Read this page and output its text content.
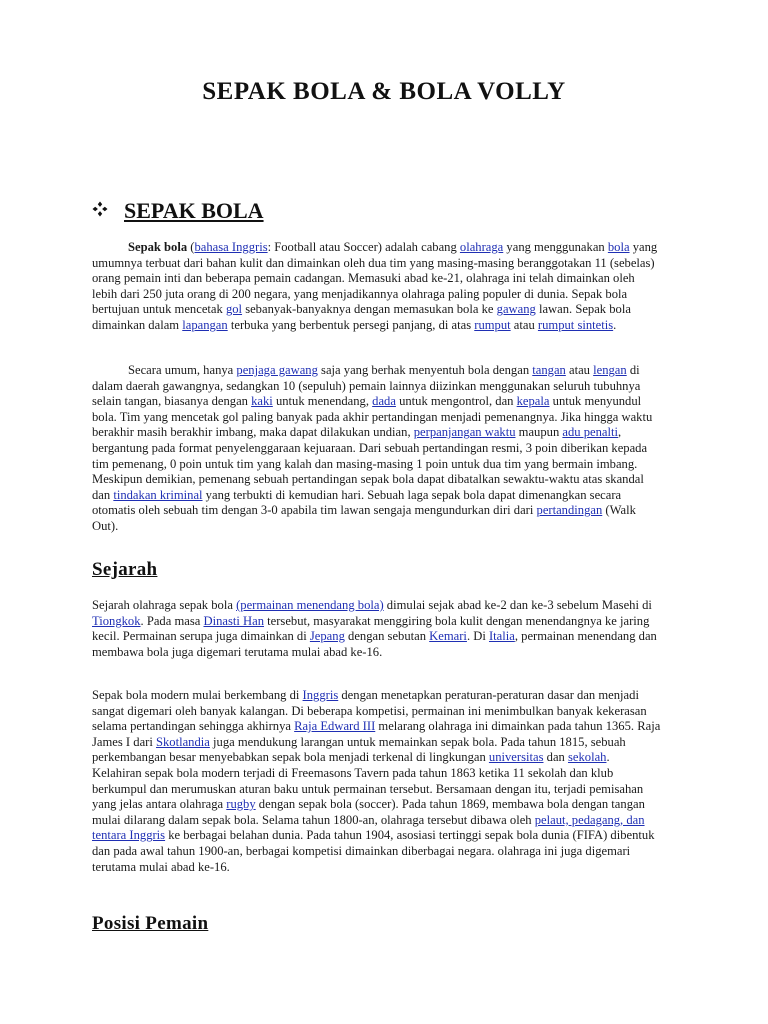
SEPAK BOLA & BOLA VOLLY
SEPAK BOLA
Sepak bola (bahasa Inggris: Football atau Soccer) adalah cabang olahraga yang menggunakan bola yang umumnya terbuat dari bahan kulit dan dimainkan oleh dua tim yang masing-masing beranggotakan 11 (sebelas) orang pemain inti dan beberapa pemain cadangan. Memasuki abad ke-21, olahraga ini telah dimainkan oleh lebih dari 250 juta orang di 200 negara, yang menjadikannya olahraga paling populer di dunia. Sepak bola bertujuan untuk mencetak gol sebanyak-banyaknya dengan memasukan bola ke gawang lawan. Sepak bola dimainkan dalam lapangan terbuka yang berbentuk persegi panjang, di atas rumput atau rumput sintetis.
Secara umum, hanya penjaga gawang saja yang berhak menyentuh bola dengan tangan atau lengan di dalam daerah gawangnya, sedangkan 10 (sepuluh) pemain lainnya diizinkan menggunakan seluruh tubuhnya selain tangan, biasanya dengan kaki untuk menendang, dada untuk mengontrol, dan kepala untuk menyundul bola. Tim yang mencetak gol paling banyak pada akhir pertandingan menjadi pemenangnya. Jika hingga waktu berakhir masih berakhir imbang, maka dapat dilakukan undian, perpanjangan waktu maupun adu penalti, bergantung pada format penyelenggaraan kejuaraan. Dari sebuah pertandingan resmi, 3 poin diberikan kepada tim pemenang, 0 poin untuk tim yang kalah dan masing-masing 1 poin untuk dua tim yang bermain imbang. Meskipun demikian, pemenang sebuah pertandingan sepak bola dapat dibatalkan sewaktu-waktu atas skandal dan tindakan kriminal yang terbukti di kemudian hari. Sebuah laga sepak bola dapat dimenangkan secara otomatis oleh sebuah tim dengan 3-0 apabila tim lawan sengaja mengundurkan diri dari pertandingan (Walk Out).
Sejarah
Sejarah olahraga sepak bola (permainan menendang bola) dimulai sejak abad ke-2 dan ke-3 sebelum Masehi di Tiongkok. Pada masa Dinasti Han tersebut, masyarakat menggiring bola kulit dengan menendangnya ke jaring kecil. Permainan serupa juga dimainkan di Jepang dengan sebutan Kemari. Di Italia, permainan menendang dan membawa bola juga digemari terutama mulai abad ke-16.
Sepak bola modern mulai berkembang di Inggris dengan menetapkan peraturan-peraturan dasar dan menjadi sangat digemari oleh banyak kalangan. Di beberapa kompetisi, permainan ini menimbulkan banyak kekerasan selama pertandingan sehingga akhirnya Raja Edward III melarang olahraga ini dimainkan pada tahun 1365. Raja James I dari Skotlandia juga mendukung larangan untuk memainkan sepak bola. Pada tahun 1815, sebuah perkembangan besar menyebabkan sepak bola menjadi terkenal di lingkungan universitas dan sekolah. Kelahiran sepak bola modern terjadi di Freemasons Tavern pada tahun 1863 ketika 11 sekolah dan klub berkumpul dan merumuskan aturan baku untuk permainan tersebut. Bersamaan dengan itu, terjadi pemisahan yang jelas antara olahraga rugby dengan sepak bola (soccer). Pada tahun 1869, membawa bola dengan tangan mulai dilarang dalam sepak bola. Selama tahun 1800-an, olahraga tersebut dibawa oleh pelaut, pedagang, dan tentara Inggris ke berbagai belahan dunia. Pada tahun 1904, asosiasi tertinggi sepak bola dunia (FIFA) dibentuk dan pada awal tahun 1900-an, berbagai kompetisi dimainkan diberbagai negara. olahraga ini juga digemari terutama mulai abad ke-16.
Posisi Pemain
